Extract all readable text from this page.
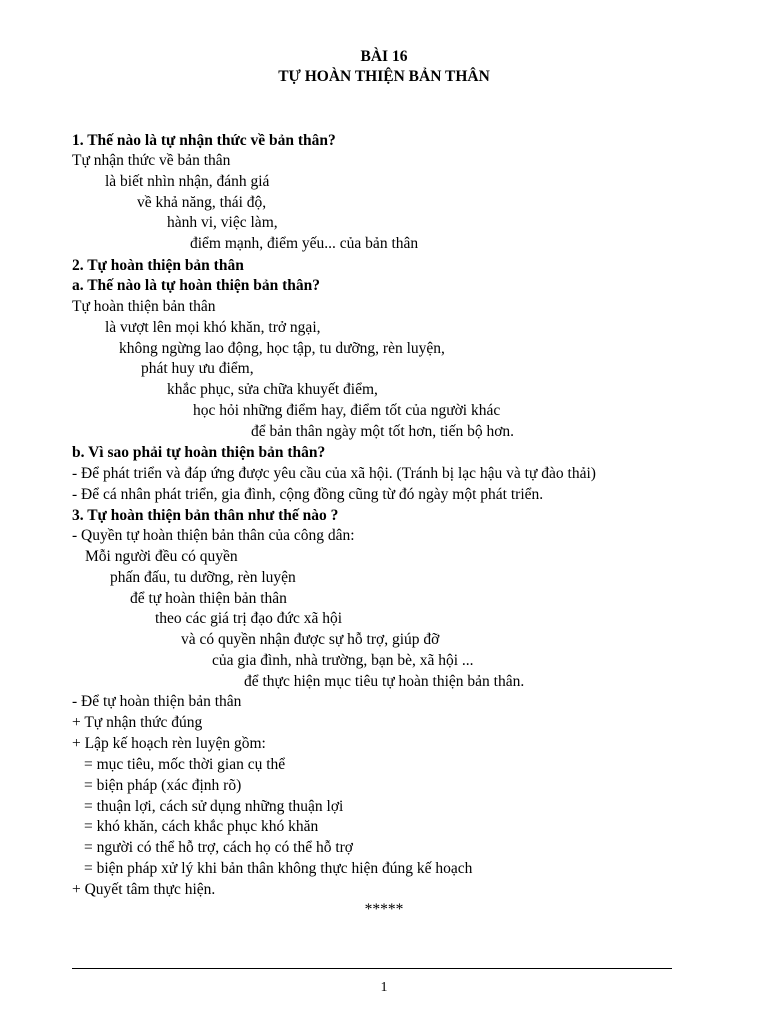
BÀI 16
TỰ HOÀN THIỆN BẢN THÂN
1. Thế nào là tự nhận thức về bản thân?
Tự nhận thức về bản thân
là biết nhìn nhận, đánh giá
về khả năng, thái độ,
hành vi, việc làm,
điểm mạnh, điểm yếu... của bản thân
2. Tự hoàn thiện bản thân
a. Thế nào là tự hoàn thiện bản thân?
Tự hoàn thiện bản thân
là vượt lên mọi khó khăn, trở ngại,
không ngừng lao động, học tập, tu dưỡng, rèn luyện,
phát huy ưu điểm,
khắc phục, sửa chữa khuyết điểm,
học hỏi những điểm hay, điểm tốt của người khác
để bản thân ngày một tốt hơn, tiến bộ hơn.
b. Vì sao phải tự hoàn thiện bản thân?
- Để phát triển và đáp ứng được yêu cầu của xã hội. (Tránh bị lạc hậu và tự đào thải)
- Để cá nhân phát triển, gia đình, cộng đồng cũng từ đó ngày một phát triển.
3. Tự hoàn thiện bản thân như thế nào ?
- Quyền tự hoàn thiện bản thân của công dân:
Mỗi người đều có quyền
phấn đấu, tu dưỡng, rèn luyện
để tự hoàn thiện bản thân
theo các giá trị đạo đức xã hội
và có quyền nhận được sự hỗ trợ, giúp đỡ
của gia đình, nhà trường, bạn bè, xã hội ...
để thực hiện mục tiêu tự hoàn thiện bản thân.
- Để tự hoàn thiện bản thân
+ Tự nhận thức đúng
+ Lập kế hoạch rèn luyện gồm:
= mục tiêu, mốc thời gian cụ thể
= biện pháp (xác định rõ)
= thuận lợi, cách sử dụng những thuận lợi
= khó khăn, cách khắc phục khó khăn
= người có thể hỗ trợ, cách họ có thể hỗ trợ
= biện pháp xử lý khi bản thân không thực hiện đúng kế hoạch
+ Quyết tâm thực hiện.
*****
1
